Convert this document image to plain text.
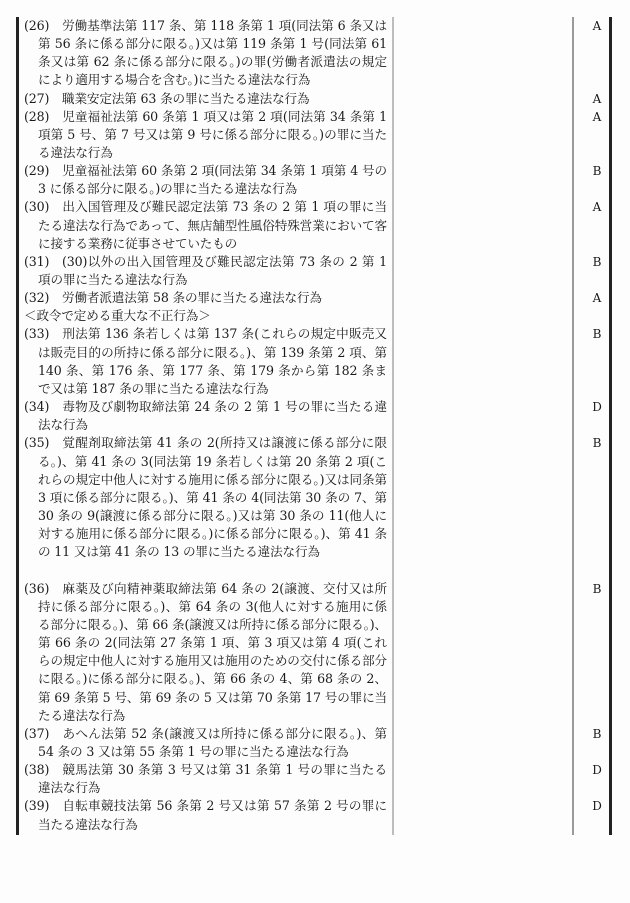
(26) 労働基準法第 117 条、第 118 条第 1 項(同法第 6 条又は第 56 条に係る部分に限る。)又は第 119 条第 1 号(同法第 61 条又は第 62 条に係る部分に限る。)の罪(労働者派遣法の規定により適用する場合を含む。)に当たる違法な行為
A
(27) 職業安定法第 63 条の罪に当たる違法な行為	A
(28) 児童福祉法第 60 条第 1 項又は第 2 項(同法第 34 条第 1 項第 5 号、第 7 号又は第 9 号に係る部分に限る。)の罪に当たる違法な行為
A
(29) 児童福祉法第 60 条第 2 項(同法第 34 条第 1 項第 4 号の 3 に係る部分に限る。)の罪に当たる違法な行為
B
(30) 出入国管理及び難民認定法第 73 条の 2 第 1 項の罪に当たる違法な行為であって、無店舗型性風俗特殊営業において客に接する業務に従事させていたもの
A
(31) (30)以外の出入国管理及び難民認定法第 73 条の 2 第 1 項の罪に当たる違法な行為
B
(32) 労働者派遣法第 58 条の罪に当たる違法な行為	A
＜政令で定める重大な不正行為＞
(33) 刑法第 136 条若しくは第 137 条(これらの規定中販売又は販売目的の所持に係る部分に限る。)、第 139 条第 2 項、第 140 条、第 176 条、第 177 条、第 179 条から第 182 条まで又は第 187 条の罪に当たる違法な行為
B
(34) 毒物及び劇物取締法第 24 条の 2 第 1 号の罪に当たる違法な行為
D
(35) 覚醒剤取締法第 41 条の 2(所持又は譲渡に係る部分に限る。)、第 41 条の 3(同法第 19 条若しくは第 20 条第 2 項(これらの規定中他人に対する施用に係る部分に限る。)又は同条第 3 項に係る部分に限る。)、第 41 条の 4(同法第 30 条の 7、第 30 条の 9(譲渡に係る部分に限る。)又は第 30 条の 11(他人に対する施用に係る部分に限る。)に係る部分に限る。)、第 41 条の 11 又は第 41 条の 13 の罪に当たる違法な行為
B
(36) 麻薬及び向精神薬取締法第 64 条の 2(譲渡、交付又は所持に係る部分に限る。)、第 64 条の 3(他人に対する施用に係る部分に限る。)、第 66 条(譲渡又は所持に係る部分に限る。)、第 66 条の 2(同法第 27 条第 1 項、第 3 項又は第 4 項(これらの規定中他人に対する施用又は施用のための交付に係る部分に限る。)に係る部分に限る。)、第 66 条の 4、第 68 条の 2、第 69 条第 5 号、第 69 条の 5 又は第 70 条第 17 号の罪に当たる違法な行為
B
(37) あへん法第 52 条(譲渡又は所持に係る部分に限る。)、第 54 条の 3 又は第 55 条第 1 号の罪に当たる違法な行為
B
(38) 競馬法第 30 条第 3 号又は第 31 条第 1 号の罪に当たる違法な行為
D
(39) 自転車競技法第 56 条第 2 号又は第 57 条第 2 号の罪に当たる違法な行為
D
